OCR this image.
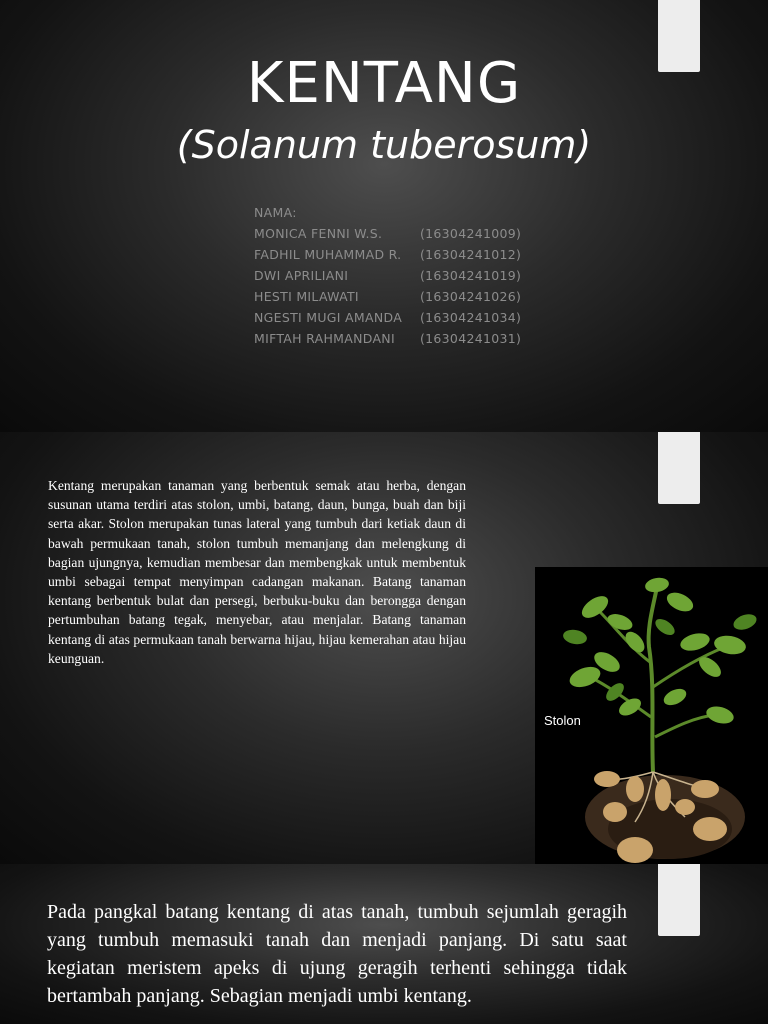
KENTANG
(Solanum tuberosum)
NAMA:
MONICA FENNI W.S.	(16304241009)
FADHIL MUHAMMAD R.	(16304241012)
DWI APRILIANI	(16304241019)
HESTI MILAWATI	(16304241026)
NGESTI MUGI AMANDA	(16304241034)
MIFTAH RAHMANDANI	(16304241031)
Kentang merupakan tanaman yang berbentuk semak atau herba, dengan susunan utama terdiri atas stolon, umbi, batang, daun, bunga, buah dan biji serta akar. Stolon merupakan tunas lateral yang tumbuh dari ketiak daun di bawah permukaan tanah, stolon tumbuh memanjang dan melengkung di bagian ujungnya, kemudian membesar dan membengkak untuk membentuk umbi sebagai tempat menyimpan cadangan makanan. Batang tanaman kentang berbentuk bulat dan persegi, berbuku-buku dan berongga dengan pertumbuhan batang tegak, menyebar, atau menjalar. Batang tanaman kentang di atas permukaan tanah berwarna hijau, hijau kemerahan atau hijau keunguan.
Stolon
Pada pangkal batang kentang di atas tanah, tumbuh sejumlah geragih yang tumbuh memasuki tanah dan menjadi panjang. Di satu saat kegiatan meristem apeks di ujung geragih terhenti sehingga tidak bertambah panjang. Sebagian menjadi umbi kentang.
